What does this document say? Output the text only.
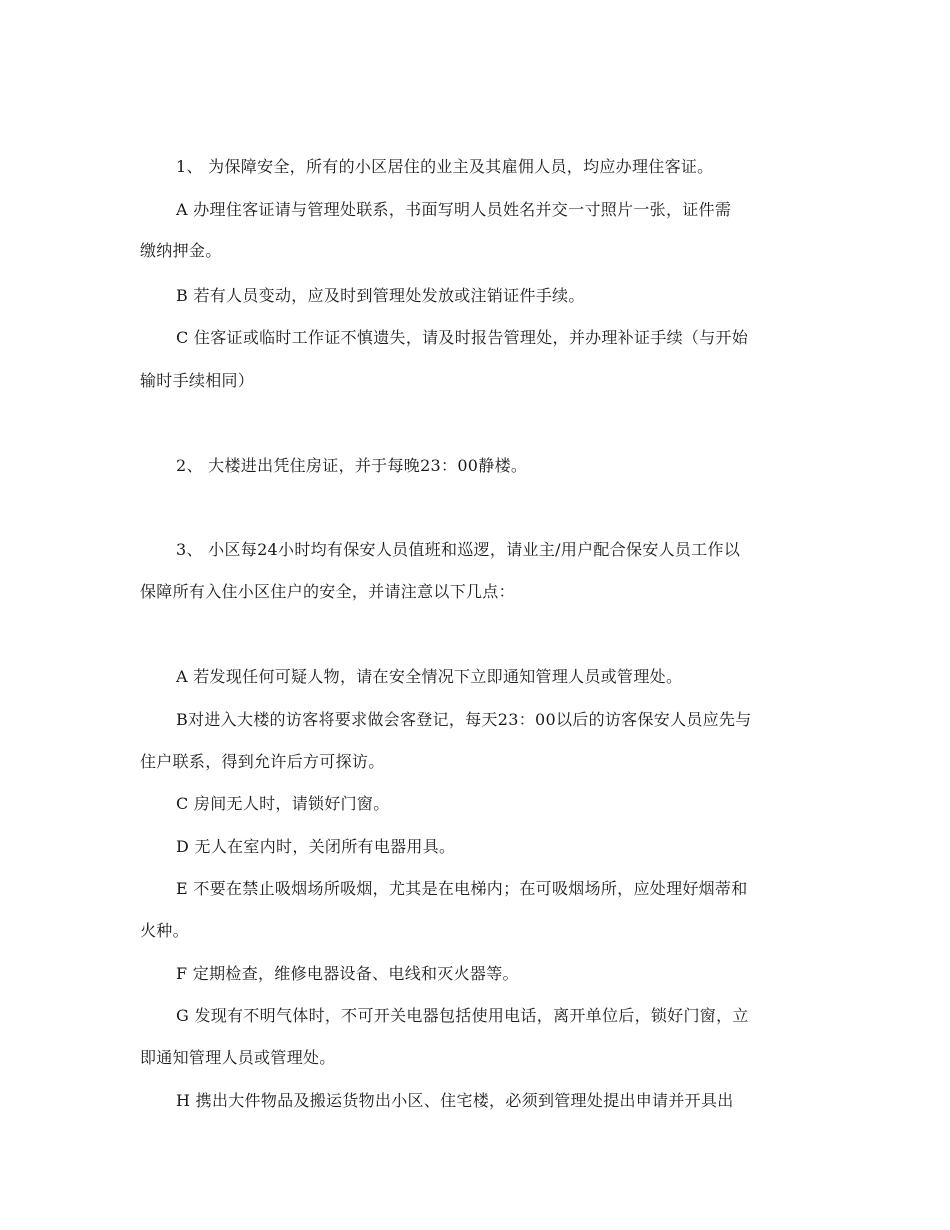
1、 为保障安全，所有的小区居住的业主及其雇佣人员，均应办理住客证。
A 办理住客证请与管理处联系，书面写明人员姓名并交一寸照片一张，证件需
缴纳押金。
B 若有人员变动，应及时到管理处发放或注销证件手续。
C 住客证或临时工作证不慎遗失，请及时报告管理处，并办理补证手续（与开始
输时手续相同）
2、 大楼进出凭住房证，并于每晚23：00静楼。
3、 小区每24小时均有保安人员值班和巡逻，请业主/用户配合保安人员工作以
保障所有入住小区住户的安全，并请注意以下几点：
A 若发现任何可疑人物，请在安全情况下立即通知管理人员或管理处。
B对进入大楼的访客将要求做会客登记，每天23：00以后的访客保安人员应先与
住户联系，得到允许后方可探访。
C 房间无人时，请锁好门窗。
D 无人在室内时，关闭所有电器用具。
E 不要在禁止吸烟场所吸烟，尤其是在电梯内；在可吸烟场所，应处理好烟蒂和
火种。
F 定期检查，维修电器设备、电线和灭火器等。
G 发现有不明气体时，不可开关电器包括使用电话，离开单位后，锁好门窗，立
即通知管理人员或管理处。
H 携出大件物品及搬运货物出小区、住宅楼，必须到管理处提出申请并开具出
